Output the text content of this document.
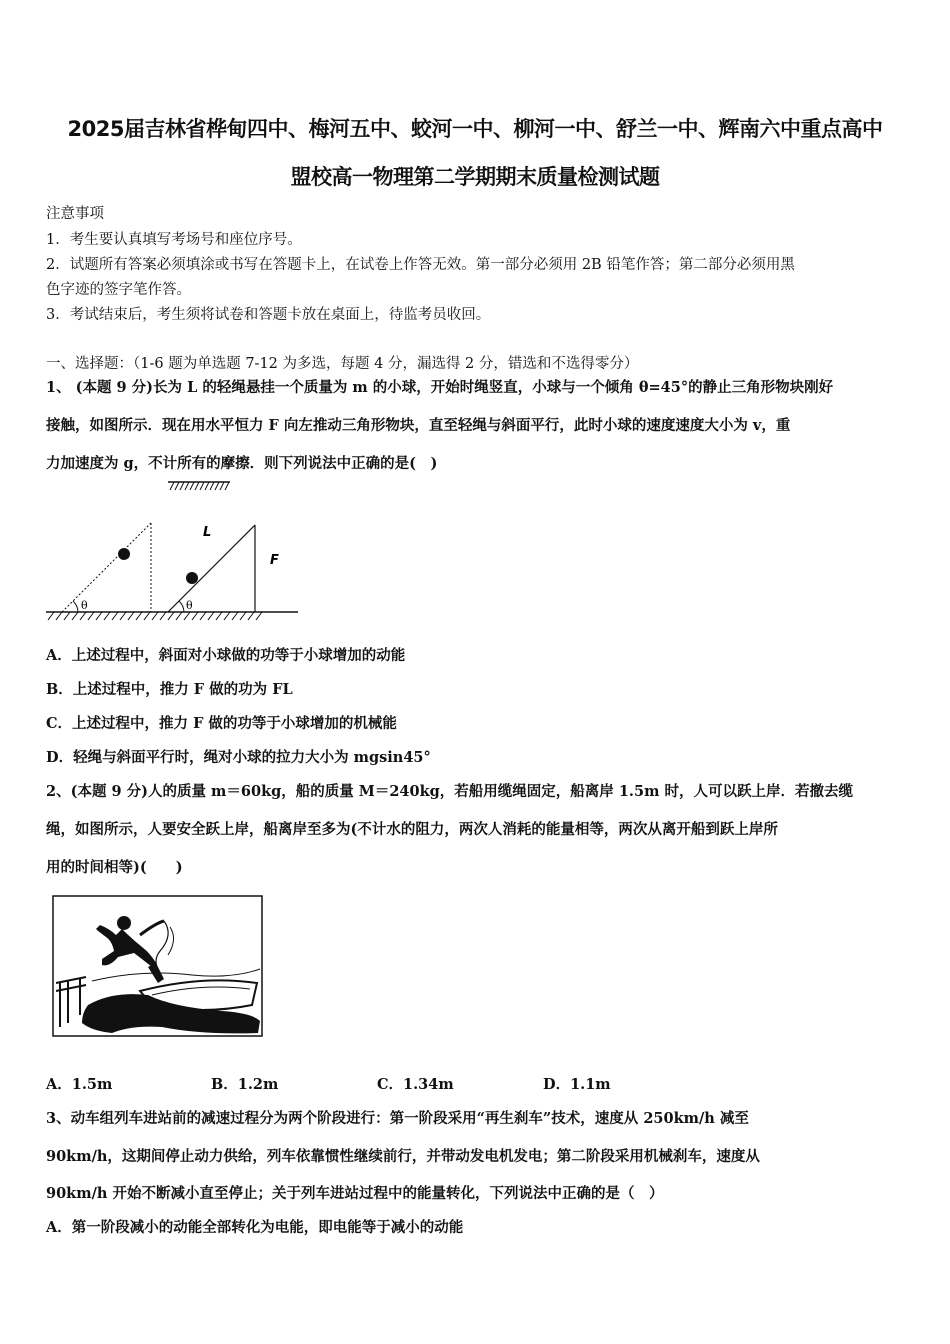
2025届吉林省桦甸四中、梅河五中、蛟河一中、柳河一中、舒兰一中、辉南六中重点高中
盟校高一物理第二学期期末质量检测试题
注意事项
1．考生要认真填写考场号和座位序号。
2．试题所有答案必须填涂或书写在答题卡上，在试卷上作答无效。第一部分必须用 2B 铅笔作答；第二部分必须用黑
色字迹的签字笔作答。
3．考试结束后，考生须将试卷和答题卡放在桌面上，待监考员收回。
一、选择题：（1-6 题为单选题 7-12 为多选，每题 4 分，漏选得 2 分，错选和不选得零分）
1、 (本题 9 分)长为 L 的轻绳悬挂一个质量为 m 的小球，开始时绳竖直，小球与一个倾角 θ=45°的静止三角形物块刚好
接触，如图所示．现在用水平恒力 F 向左推动三角形物块，直至轻绳与斜面平行，此时小球的速度速度大小为 v，重
力加速度为 g，不计所有的摩擦．则下列说法中正确的是(　)
θ	θ
L
F
A．上述过程中，斜面对小球做的功等于小球增加的动能
B．上述过程中，推力 F 做的功为 FL
C．上述过程中，推力 F 做的功等于小球增加的机械能
D．轻绳与斜面平行时，绳对小球的拉力大小为 mgsin45°
2、(本题 9 分)人的质量 m＝60kg，船的质量 M＝240kg，若船用缆绳固定，船离岸 1.5m 时，人可以跃上岸．若撤去缆
绳，如图所示，人要安全跃上岸，船离岸至多为(不计水的阻力，两次人消耗的能量相等，两次从离开船到跃上岸所
用的时间相等)(　　)
A．1.5m	B．1.2m	C．1.34m	D．1.1m
3、动车组列车进站前的减速过程分为两个阶段进行：第一阶段采用“再生刹车”技术，速度从 250km/h 减至
90km/h，这期间停止动力供给，列车依靠惯性继续前行，并带动发电机发电；第二阶段采用机械刹车，速度从
90km/h 开始不断减小直至停止；关于列车进站过程中的能量转化，下列说法中正确的是（　）
A．第一阶段减小的动能全部转化为电能，即电能等于减小的动能
